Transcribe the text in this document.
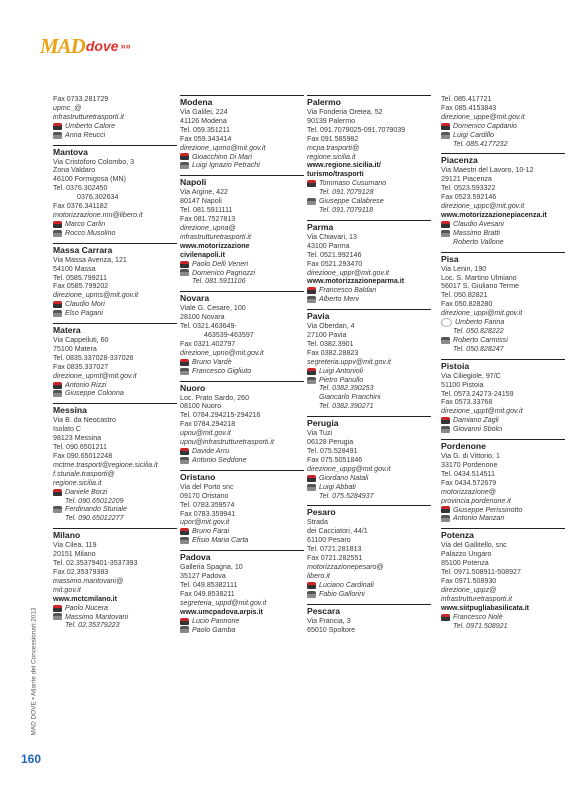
MAD dove »»
MAD DOVE • Atlante dei Concessionari 2013
160
Fax 0733.281729
upmc_@
infrastrutturetrasporti.it
Umberto Calore
Anna Reucci
Mantova
Via Cristoforo Colombo, 3
Zona Valdaro
46100 Formigosa (MN)
Tel. 0376.302450
0376.302634
Fax 0376.341182
motorizzazione.mn@libero.it
Marco Carlin
Rocco Musolino
Massa Carrara
Via Massa Avenza, 121
54100 Massa
Tel. 0585.799211
Fax 0585.799202
direzione_upms@mit.gov.it
Claudio Mori
Elso Pagani
Matera
Via Cappelluti, 60
75100 Matera
Tel. 0835.337028-337026
Fax 0835.337027
direzione_upmt@mit.gov.it
Antonio Rizzi
Giuseppe Colonna
Messina
Via B. da Neocastro
Isolato C
98123 Messina
Tel. 090.6501211
Fax 090.65012248
mctme.trasporti@regione.sicilia.it
f.sturiale.trasporti@
regione.sicilia.it
Daniele Borzi
Tel. 090.65012209
Ferdinando Sturiale
Tel. 090.65012277
Milano
Via Cilea, 119
20151 Milano
Tel. 02.35379401-3537393
Fax 02.35379383
massimo.mantovani@
mit.gov.it
www.mctcmilano.it
Paolo Nucera
Massimo Mantovani
Tel. 02.35379223
Modena
Via Galilei, 224
41126 Modena
Tel. 059.351211
Fax 059.343414
direzione_upmo@mit.gov.it
Gioacchino Di Mari
Luigi Ignazio Petrachi
Napoli
Via Argine, 422
80147 Napoli
Tel. 081.5911111
Fax 081.7527813
direzione_upna@
infrastrutturetrasporti.it
www.motorizzazione
civilenapoli.it
Paolo Delli Veneri
Domenico Pagnozzi
Tel. 081.5911106
Novara
Viale G. Cesare, 100
28100 Novara
Tel. 0321.463649-
463539-463597
Fax 0321.402797
direzione_upno@mit.gov.it
Bruno Vardè
Francesco Gigliuto
Nuoro
Loc. Prato Sardo, 260
08100 Nuoro
Tel. 0784.294215-294216
Fax 0784.294218
upnu@mit.gov.it
upnu@infrastrutturetrasporti.it
Davide Arru
Antonio Seddone
Oristano
Via del Porto snc
09170 Oristano
Tel. 0783.359574
Fax 0783.359941
upor@mit.gov.it
Bruno Farai
Efisio Maria Carta
Padova
Galleria Spagna, 10
35127 Padova
Tel. 049.85382111
Fax 049.8538211
segreteria_uppd@mit.gov.it
www.umcpadova.arpis.it
Lucio Pannone
Paolo Gamba
Palermo
Via Fonderia Oretea, 52
90139 Palermo
Tel. 091.7079025-091.7079039
Fax 091.585982
mcpa.trasporti@
regione.sicilia.it
www.regione.sicilia.it/
turismo/trasporti
Tommaso Cusumano
Tel. 091.7079128
Giuseppe Calabrese
Tel. 091.7079118
Parma
Via Chiavari, 13
43100 Parma
Tel. 0521.992146
Fax 0521.293470
direzione_uppr@mit.gov.it
www.motorizzazioneparma.it
Francesco Baldari
Alberto Meni
Pavia
Via Oberdan, 4
27100 Pavia
Tel. 0382.3901
Fax 0382.28823
segreteria.uppv@mit.gov.it
Luigi Antonioli
Pietro Panullo
Tel. 0382.390253
Giancarlo Franchini
Tel. 0382.390271
Perugia
Via Tuzi
06128 Perugia
Tel. 075.528491
Fax 075.5051846
direzione_uppg@mit.gov.it
Giordano Natali
Luigi Abbati
Tel. 075.5284937
Pesaro
Strada
dei Cacciatori, 44/1
61100 Pesaro
Tel. 0721.281813
Fax 0721.282551
motorizzazionepesaro@
libero.it
Luciano Cardinali
Fabio Gallorini
Pescara
Via Francia, 3
65010 Spoltore
Tel. 085.417721
Fax 085.4153843
direzione_uppe@mit.gov.it
Domenico Capitanio
Luigi Cardillo
Tel. 085.4177232
Piacenza
Via Maestri del Lavoro, 10-12
29121 Piacenza
Tel. 0523.593322
Fax 0523.592146
direzione_uppc@mit.gov.it
www.motorizzazionepiacenza.it
Claudio Avesani
Massimo Bratti
Roberto Vallone
Pisa
Via Lenin, 190
Loc. S. Martino Ulmiano
56017 S. Giuliano Terme
Tel. 050.82821
Fax 050.828280
direzione_uppi@mit.gov.it
Umberto Farina
Tel. 050.828222
Roberto Carmissi
Tel. 050.828247
Pistoia
Via Ciliegiole, 97/C
51100 Pistoia
Tel. 0573.24273-24159
Fax 0573.33768
direzione_uppt@mit.gov.it
Damiano Zagli
Giovanni Sbolci
Pordenone
Via G. di Vittorio, 1
33170 Pordenone
Tel. 0434.514511
Fax 0434.572679
motorizzazione@
provincia.pordenone.it
Giuseppe Perissinotto
Antonio Manzari
Potenza
Via del Gallitello, snc
Palazzo Ungaro
85100 Potenza
Tel. 0971.508911-508927
Fax 0971.508930
direzione_uppz@
infrastrutturetrasporti.it
www.siitpugliabasilicata.it
Francesco Nolè
Tel. 0971.508921
